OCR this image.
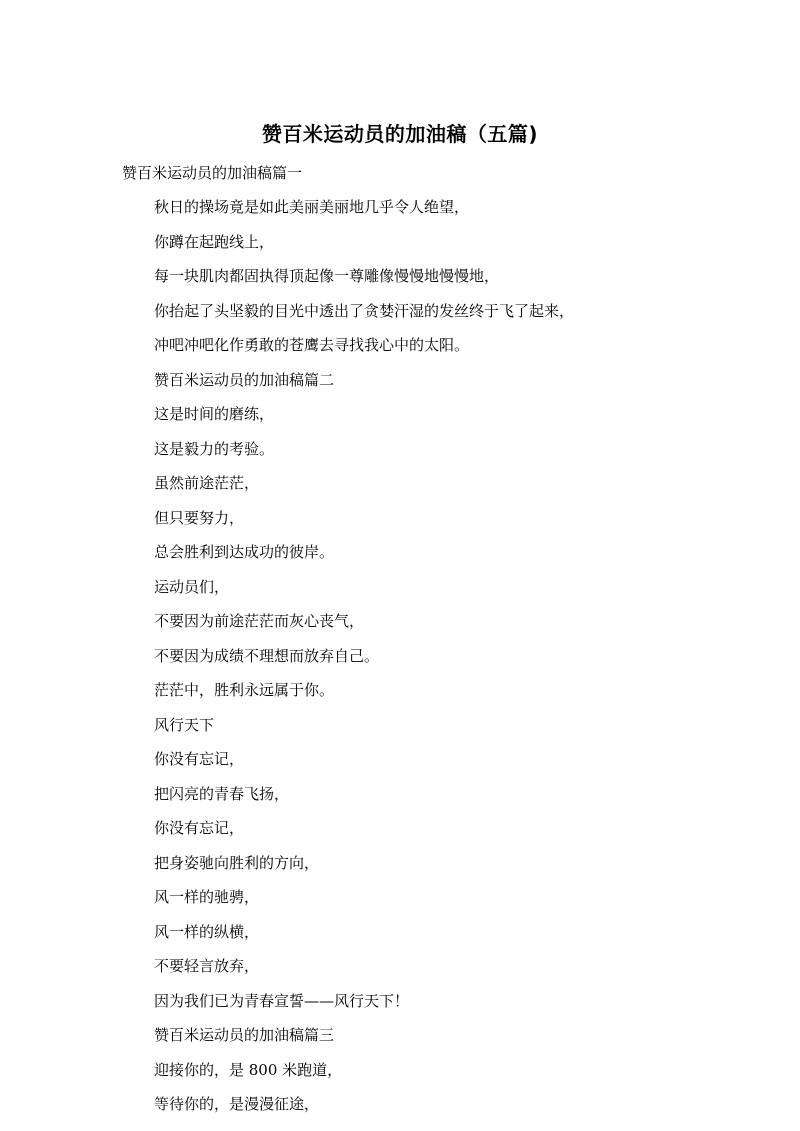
赞百米运动员的加油稿（五篇)
赞百米运动员的加油稿篇一
秋日的操场竟是如此美丽美丽地几乎令人绝望，
你蹲在起跑线上，
每一块肌肉都固执得顶起像一尊雕像慢慢地慢慢地，
你抬起了头坚毅的目光中透出了贪婪汗湿的发丝终于飞了起来，
冲吧冲吧化作勇敢的苍鹰去寻找我心中的太阳。
赞百米运动员的加油稿篇二
这是时间的磨练，
这是毅力的考验。
虽然前途茫茫，
但只要努力，
总会胜利到达成功的彼岸。
运动员们，
不要因为前途茫茫而灰心丧气，
不要因为成绩不理想而放弃自己。
茫茫中，胜利永远属于你。
风行天下
你没有忘记，
把闪亮的青春飞扬，
你没有忘记，
把身姿驰向胜利的方向，
风一样的驰骋，
风一样的纵横，
不要轻言放弃，
因为我们已为青春宣誓——风行天下！
赞百米运动员的加油稿篇三
迎接你的，是 800 米跑道，
等待你的，是漫漫征途，
